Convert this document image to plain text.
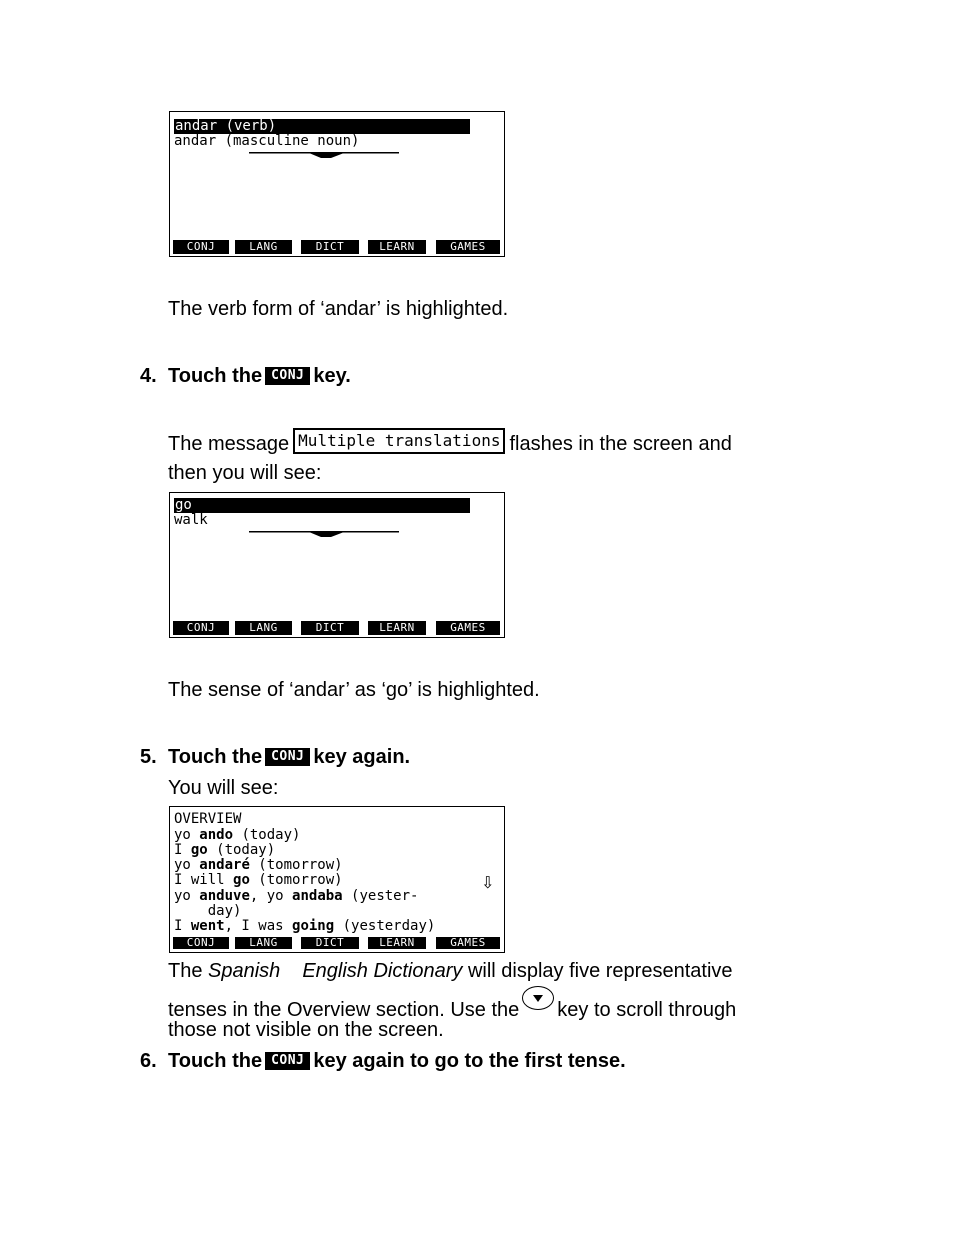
andar (verb)
andar (masculine noun)
CONJ	LANG	DICT	LEARN	GAMES
The verb form of ‘andar’ is highlighted.
4. Touch the CONJ key.
The message Multiple translations flashes in the screen and
then you will see:
go
walk
CONJ	LANG	DICT	LEARN	GAMES
The sense of ‘andar’ as ‘go’ is highlighted.
5. Touch the CONJ key again.
You will see:
OVERVIEW
yo ando (today)
I go (today)
yo andaré (tomorrow)
I will go (tomorrow)
yo anduve, yo andaba (yester-
day)
I went, I was going (yesterday)
⇩
CONJ	LANG	DICT	LEARN	GAMES
The Spanish English Dictionary will display five representative
tenses in the Overview section. Use the key to scroll through
those not visible on the screen.
6. Touch the CONJ key again to go to the first tense.
